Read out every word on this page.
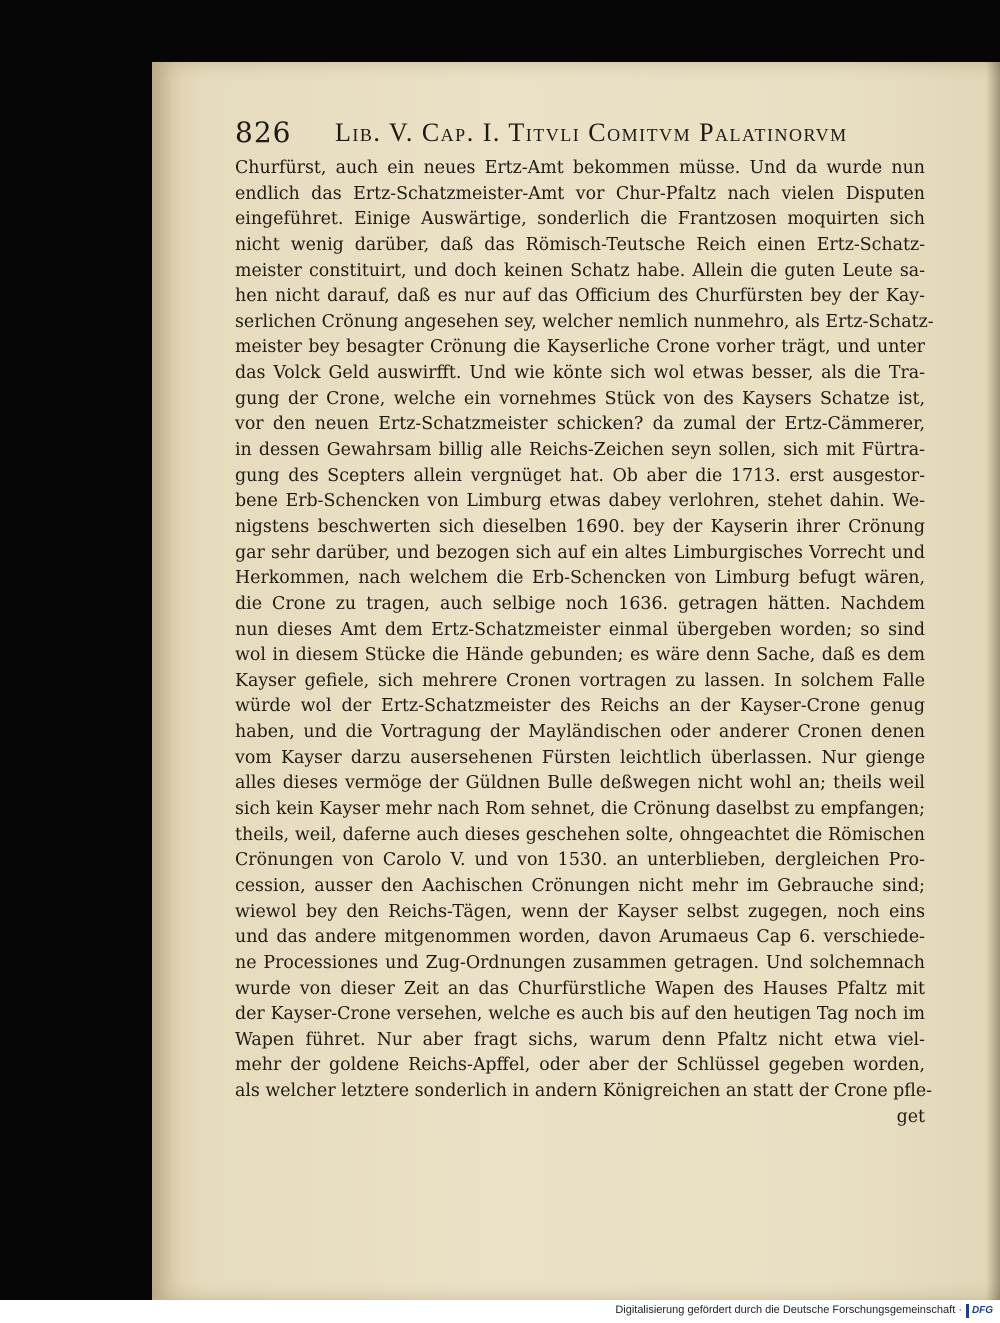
826 Lib. V. Cap. I. Titvli Comitvm Palatinorvm
Churfürst, auch ein neues Ertz-Amt bekommen müsse. Und da wurde nun
endlich das Ertz-Schatzmeister-Amt vor Chur-Pfaltz nach vielen Disputen
eingeführet. Einige Auswärtige, sonderlich die Frantzosen moquirten sich
nicht wenig darüber, daß das Römisch-Teutsche Reich einen Ertz-Schatz-
meister constituirt, und doch keinen Schatz habe. Allein die guten Leute sa-
hen nicht darauf, daß es nur auf das Officium des Churfürsten bey der Kay-
serlichen Crönung angesehen sey, welcher nemlich nunmehro, als Ertz-Schatz-
meister bey besagter Crönung die Kayserliche Crone vorher trägt, und unter
das Volck Geld auswirfft. Und wie könte sich wol etwas besser, als die Tra-
gung der Crone, welche ein vornehmes Stück von des Kaysers Schatze ist,
vor den neuen Ertz-Schatzmeister schicken? da zumal der Ertz-Cämmerer,
in dessen Gewahrsam billig alle Reichs-Zeichen seyn sollen, sich mit Fürtra-
gung des Scepters allein vergnüget hat. Ob aber die 1713. erst ausgestor-
bene Erb-Schencken von Limburg etwas dabey verlohren, stehet dahin. We-
nigstens beschwerten sich dieselben 1690. bey der Kayserin ihrer Crönung
gar sehr darüber, und bezogen sich auf ein altes Limburgisches Vorrecht und
Herkommen, nach welchem die Erb-Schencken von Limburg befugt wären,
die Crone zu tragen, auch selbige noch 1636. getragen hätten. Nachdem
nun dieses Amt dem Ertz-Schatzmeister einmal übergeben worden; so sind
wol in diesem Stücke die Hände gebunden; es wäre denn Sache, daß es dem
Kayser gefiele, sich mehrere Cronen vortragen zu lassen. In solchem Falle
würde wol der Ertz-Schatzmeister des Reichs an der Kayser-Crone genug
haben, und die Vortragung der Mayländischen oder anderer Cronen denen
vom Kayser darzu ausersehenen Fürsten leichtlich überlassen. Nur gienge
alles dieses vermöge der Güldnen Bulle deßwegen nicht wohl an; theils weil
sich kein Kayser mehr nach Rom sehnet, die Crönung daselbst zu empfangen;
theils, weil, daferne auch dieses geschehen solte, ohngeachtet die Römischen
Crönungen von Carolo V. und von 1530. an unterblieben, dergleichen Pro-
cession, ausser den Aachischen Crönungen nicht mehr im Gebrauche sind;
wiewol bey den Reichs-Tägen, wenn der Kayser selbst zugegen, noch eins
und das andere mitgenommen worden, davon Arumaeus Cap 6. verschiede-
ne Processiones und Zug-Ordnungen zusammen getragen. Und solchemnach
wurde von dieser Zeit an das Churfürstliche Wapen des Hauses Pfaltz mit
der Kayser-Crone versehen, welche es auch bis auf den heutigen Tag noch im
Wapen führet. Nur aber fragt sichs, warum denn Pfaltz nicht etwa viel-
mehr der goldene Reichs-Apffel, oder aber der Schlüssel gegeben worden,
als welcher letztere sonderlich in andern Königreichen an statt der Crone pfle-
get
Digitalisierung gefördert durch die Deutsche Forschungsgemeinschaft · DFG
